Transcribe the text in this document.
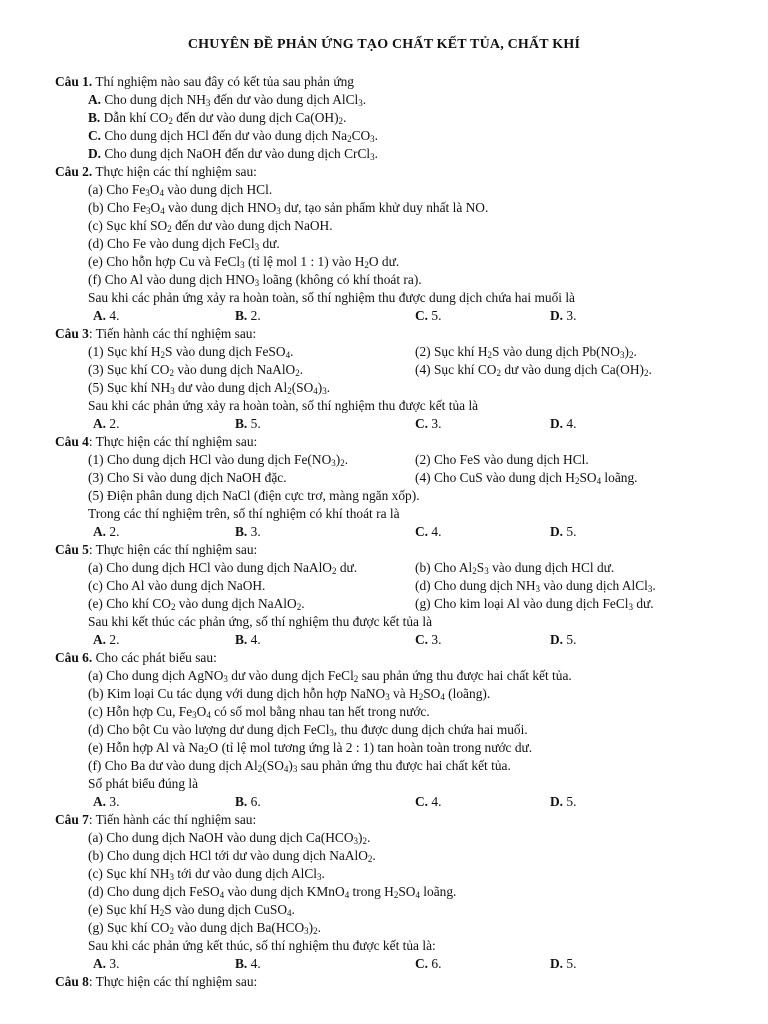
CHUYÊN ĐỀ PHẢN ỨNG TẠO CHẤT KẾT TỦA, CHẤT KHÍ
Câu 1. Thí nghiệm nào sau đây có kết tủa sau phản ứng
A. Cho dung dịch $NH_3$ đến dư vào dung dịch AlCl$_3$.
B. Dẫn khí $CO_2$ đến dư vào dung dịch $Ca(OH)_2$.
C. Cho dung dịch HCl đến dư vào dung dịch $Na_2CO_3$.
D. Cho dung dịch NaOH đến dư vào dung dịch CrCl$_3$.
Câu 2. Thực hiện các thí nghiệm sau:
(a) Cho $Fe_3O_4$ vào dung dịch HCl.
(b) Cho $Fe_3O_4$ vào dung dịch $HNO_3$ dư, tạo sản phẩm khử duy nhất là NO.
(c) Sục khí $SO_2$ đến dư vào dung dịch NaOH.
(d) Cho Fe vào dung dịch FeCl$_3$ dư.
(e) Cho hỗn hợp Cu và FeCl$_3$ (tỉ lệ mol 1 : 1) vào $H_2O$ dư.
(f) Cho Al vào dung dịch $HNO_3$ loãng (không có khí thoát ra).
Sau khi các phản ứng xảy ra hoàn toàn, số thí nghiệm thu được dung dịch chứa hai muối là
A. 4.	B. 2.	C. 5.	D. 3.
Câu 3: Tiến hành các thí nghiệm sau:
(1) Sục khí $H_2S$ vào dung dịch FeSO$_4$.	(2) Sục khí $H_2S$ vào dung dịch $Pb(NO_3)_2$.
(3) Sục khí $CO_2$ vào dung dịch NaAlO$_2$.	(4) Sục khí $CO_2$ dư vào dung dịch $Ca(OH)_2$.
(5) Sục khí $NH_3$ dư vào dung dịch $Al_2(SO_4)_3$.
Sau khi các phản ứng xảy ra hoàn toàn, số thí nghiệm thu được kết tủa là
A. 2.	B. 5.	C. 3.	D. 4.
Câu 4: Thực hiện các thí nghiệm sau:
(1) Cho dung dịch HCl vào dung dịch $Fe(NO_3)_2$.	(2) Cho FeS vào dung dịch HCl.
(3) Cho Si vào dung dịch NaOH đặc.	(4) Cho CuS vào dung dịch $H_2SO_4$ loãng.
(5) Điện phân dung dịch NaCl (điện cực trơ, màng ngăn xốp).
Trong các thí nghiệm trên, số thí nghiệm có khí thoát ra là
A. 2.	B. 3.	C. 4.	D. 5.
Câu 5: Thực hiện các thí nghiệm sau:
(a) Cho dung dịch HCl vào dung dịch NaAlO$_2$ dư.	(b) Cho $Al_2S_3$ vào dung dịch HCl dư.
(c) Cho Al vào dung dịch NaOH.	(d) Cho dung dịch $NH_3$ vào dung dịch AlCl$_3$.
(e) Cho khí $CO_2$ vào dung dịch NaAlO$_2$.	(g) Cho kim loại Al vào dung dịch FeCl$_3$ dư.
Sau khi kết thúc các phản ứng, số thí nghiệm thu được kết tủa là
A. 2.	B. 4.	C. 3.	D. 5.
Câu 6. Cho các phát biểu sau:
(a) Cho dung dịch AgNO$_3$ dư vào dung dịch FeCl$_2$ sau phản ứng thu được hai chất kết tủa.
(b) Kim loại Cu tác dụng với dung dịch hỗn hợp NaNO$_3$ và $H_2SO_4$ (loãng).
(c) Hỗn hợp Cu, $Fe_3O_4$ có số mol bằng nhau tan hết trong nước.
(d) Cho bột Cu vào lượng dư dung dịch FeCl$_3$, thu được dung dịch chứa hai muối.
(e) Hỗn hợp Al và $Na_2O$ (tỉ lệ mol tương ứng là 2 : 1) tan hoàn toàn trong nước dư.
(f) Cho Ba dư vào dung dịch $Al_2(SO_4)_3$ sau phản ứng thu được hai chất kết tủa.
Số phát biểu đúng là
A. 3.	B. 6.	C. 4.	D. 5.
Câu 7: Tiến hành các thí nghiệm sau:
(a) Cho dung dịch NaOH vào dung dịch $Ca(HCO_3)_2$.
(b) Cho dung dịch HCl tới dư vào dung dịch NaAlO$_2$.
(c) Sục khí $NH_3$ tới dư vào dung dịch AlCl$_3$.
(d) Cho dung dịch FeSO$_4$ vào dung dịch KMnO$_4$ trong $H_2SO_4$ loãng.
(e) Sục khí $H_2S$ vào dung dịch CuSO$_4$.
(g) Sục khí $CO_2$ vào dung dịch $Ba(HCO_3)_2$.
Sau khi các phản ứng kết thúc, số thí nghiệm thu được kết tủa là:
A. 3.	B. 4.	C. 6.	D. 5.
Câu 8: Thực hiện các thí nghiệm sau:
